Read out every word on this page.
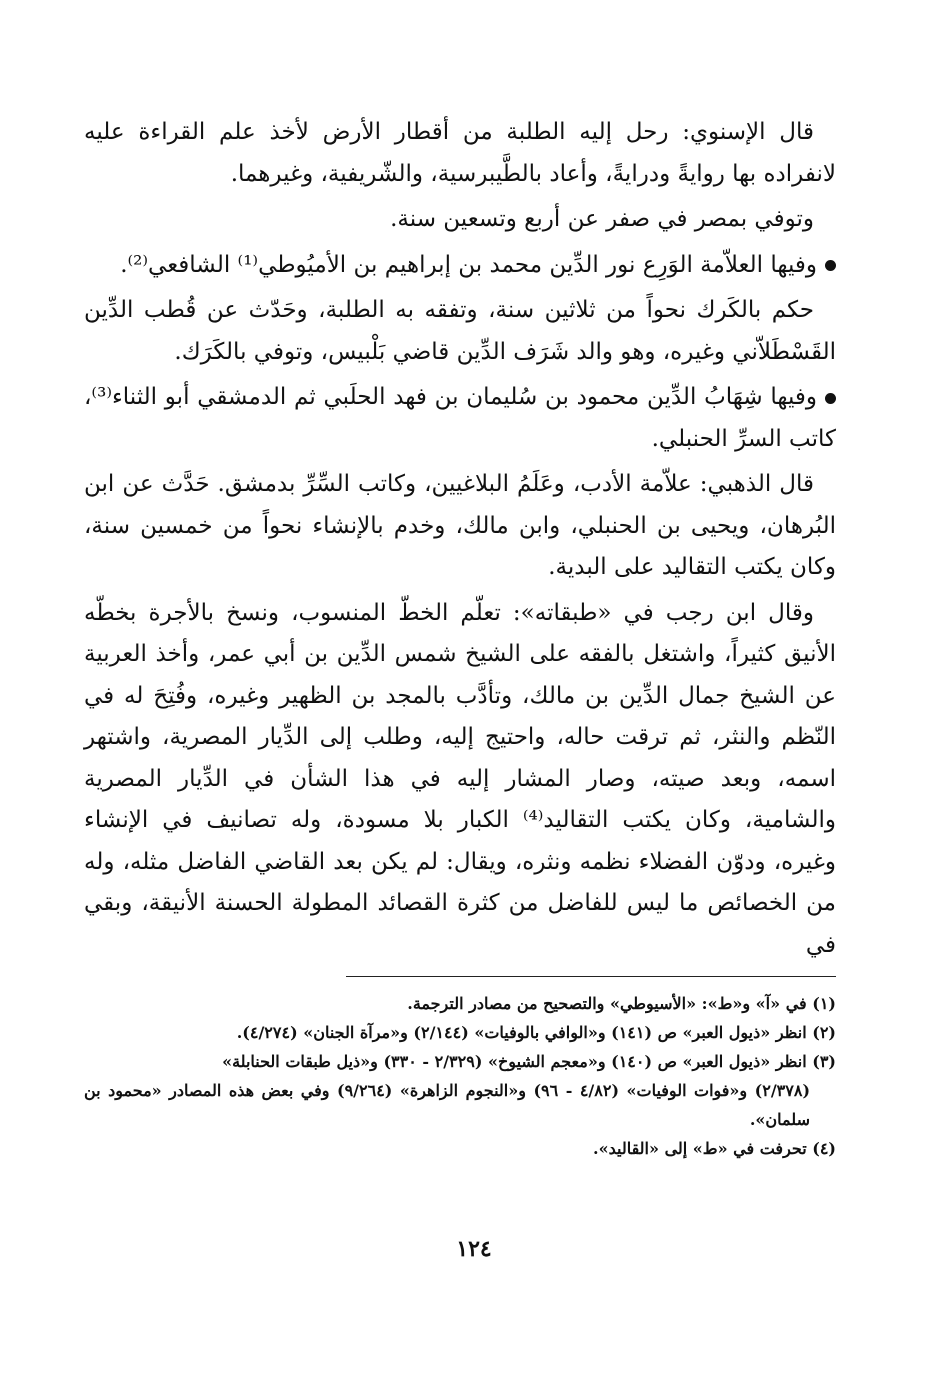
قال الإسنوي: رحل إليه الطلبة من أقطار الأرض لأخذ علم القراءة عليه لانفراده بها روايةً ودرايةً، وأعاد بالطَّيبرسية، والشّريفية، وغيرهما.

وتوفي بمصر في صفر عن أربع وتسعين سنة.

وفيها العلاّمة الوَرِع نور الدِّين محمد بن إبراهيم بن الأميُوطي⁽¹⁾ الشافعي⁽²⁾.

حكم بالكَرك نحواً من ثلاثين سنة، وتفقه به الطلبة، وحَدّث عن قُطب الدِّين القَسْطَلاّني وغيره، وهو والد شَرَف الدِّين قاضي بَلْبيس، وتوفي بالكَرَك.

وفيها شِهَابُ الدِّين محمود بن سُليمان بن فهد الحلَبي ثم الدمشقي أبو الثناء⁽³⁾، كاتب السرِّ الحنبلي.

قال الذهبي: علاّمة الأدب، وعَلَمُ البلاغيين، وكاتب السِّرِّ بدمشق. حَدَّث عن ابن البُرهان، ويحيى بن الحنبلي، وابن مالك، وخدم بالإنشاء نحواً من خمسين سنة، وكان يكتب التقاليد على البدية.

وقال ابن رجب في «طبقاته»: تعلّم الخطّ المنسوب، ونسخ بالأجرة بخطّه الأنيق كثيراً، واشتغل بالفقه على الشيخ شمس الدِّين بن أبي عمر، وأخذ العربية عن الشيخ جمال الدِّين بن مالك، وتأدَّب بالمجد بن الظهير وغيره، وفُتِحَ له في النّظم والنثر، ثم ترقت حاله، واحتيج إليه، وطلب إلى الدِّيار المصرية، واشتهر اسمه، وبعد صيته، وصار المشار إليه في هذا الشأن في الدِّيار المصرية والشامية، وكان يكتب التقاليد⁽⁴⁾ الكبار بلا مسودة، وله تصانيف في الإنشاء وغيره، ودوّن الفضلاء نظمه ونثره، ويقال: لم يكن بعد القاضي الفاضل مثله، وله من الخصائص ما ليس للفاضل من كثرة القصائد المطولة الحسنة الأنيقة، وبقي في

(١) في «آ» و«ط»: «الأسيوطي» والتصحيح من مصادر الترجمة.

(٢) انظر «ذيول العبر» ص (١٤١) و«الوافي بالوفيات» (٢/١٤٤) و«مرآة الجنان» (٤/٢٧٤).

(٣) انظر «ذيول العبر» ص (١٤٠) و«معجم الشيوخ» (٢/٣٢٩ - ٣٣٠) و«ذيل طبقات الحنابلة»

(٢/٣٧٨) و«فوات الوفيات» (٤/٨٢ - ٩٦) و«النجوم الزاهرة» (٩/٢٦٤) وفي بعض هذه المصادر «محمود بن سلمان».

(٤) تحرفت في «ط» إلى «القاليد».

١٢٤
